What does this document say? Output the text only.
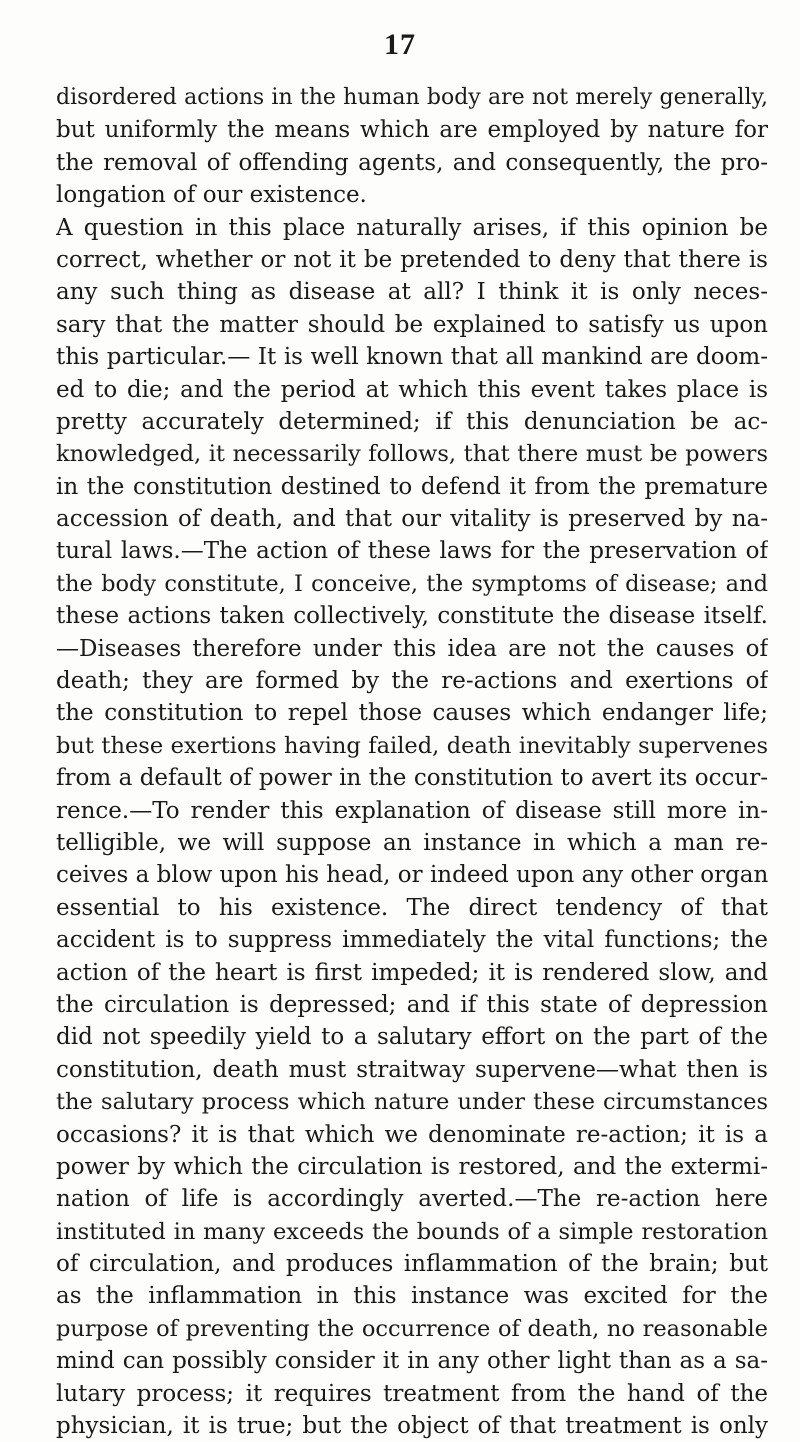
17
disordered actions in the human body are not merely generally,
but uniformly the means which are employed by nature for
the removal of offending agents, and consequently, the pro-
longation of our existence.
A question in this place naturally arises, if this opinion be
correct, whether or not it be pretended to deny that there is
any such thing as disease at all? I think it is only neces-
sary that the matter should be explained to satisfy us upon
this particular.— It is well known that all mankind are doom-
ed to die; and the period at which this event takes place is
pretty accurately determined; if this denunciation be ac-
knowledged, it necessarily follows, that there must be powers
in the constitution destined to defend it from the premature
accession of death, and that our vitality is preserved by na-
tural laws.—The action of these laws for the preservation of
the body constitute, I conceive, the symptoms of disease; and
these actions taken collectively, constitute the disease itself.
—Diseases therefore under this idea are not the causes of
death; they are formed by the re-actions and exertions of
the constitution to repel those causes which endanger life;
but these exertions having failed, death inevitably supervenes
from a default of power in the constitution to avert its occur-
rence.—To render this explanation of disease still more in-
telligible, we will suppose an instance in which a man re-
ceives a blow upon his head, or indeed upon any other organ
essential to his existence. The direct tendency of that
accident is to suppress immediately the vital functions; the
action of the heart is first impeded; it is rendered slow, and
the circulation is depressed; and if this state of depression
did not speedily yield to a salutary effort on the part of the
constitution, death must straitway supervene—what then is
the salutary process which nature under these circumstances
occasions? it is that which we denominate re-action; it is a
power by which the circulation is restored, and the extermi-
nation of life is accordingly averted.—The re-action here
instituted in many exceeds the bounds of a simple restoration
of circulation, and produces inflammation of the brain; but
as the inflammation in this instance was excited for the
purpose of preventing the occurrence of death, no reasonable
mind can possibly consider it in any other light than as a sa-
lutary process; it requires treatment from the hand of the
physician, it is true; but the object of that treatment is only
